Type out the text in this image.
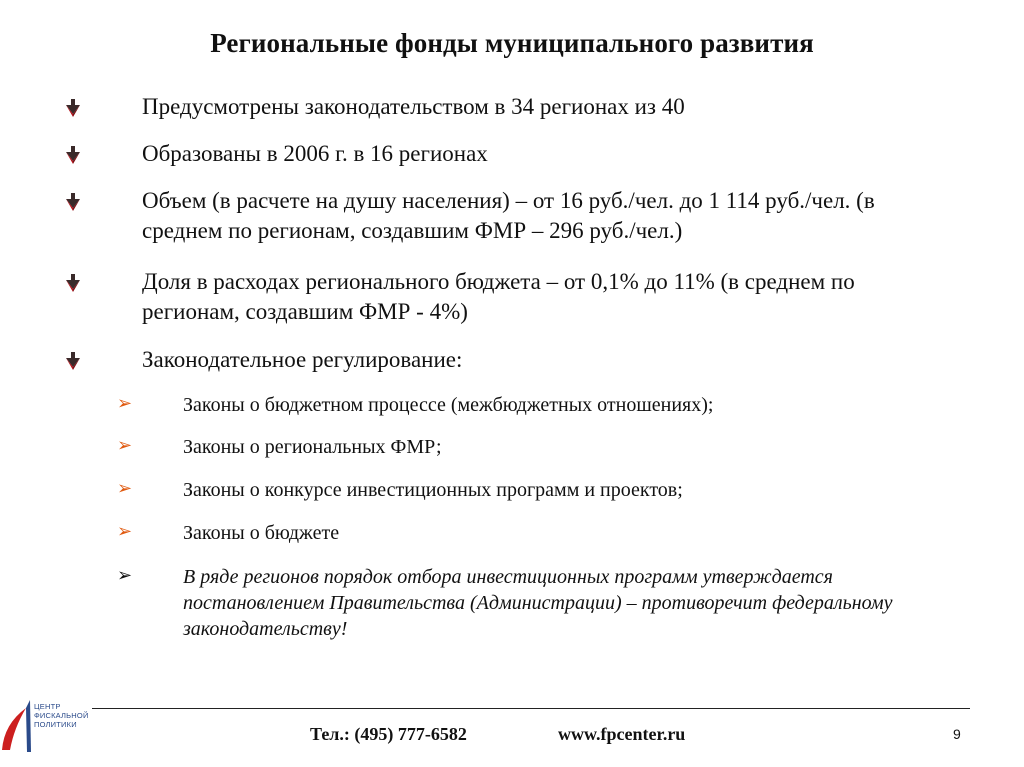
Региональные фонды муниципального развития
Предусмотрены законодательством в 34 регионах из 40
Образованы в 2006 г. в 16 регионах
Объем (в расчете на душу населения) – от 16 руб./чел. до 1 114 руб./чел. (в среднем по регионам, создавшим ФМР – 296 руб./чел.)
Доля в расходах регионального бюджета – от 0,1% до 11% (в среднем по регионам, создавшим ФМР - 4%)
Законодательное регулирование:
➢	Законы о бюджетном процессе (межбюджетных отношениях);
➢	Законы о региональных ФМР;
➢	Законы о конкурсе инвестиционных программ и проектов;
➢	Законы о бюджете
➢	В ряде регионов порядок отбора инвестиционных программ утверждается постановлением Правительства (Администрации) – противоречит федеральному законодательству!
ЦЕНТР
ФИСКАЛЬНОЙ
ПОЛИТИКИ	Тел.: (495) 777-6582	www.fpcenter.ru	9
